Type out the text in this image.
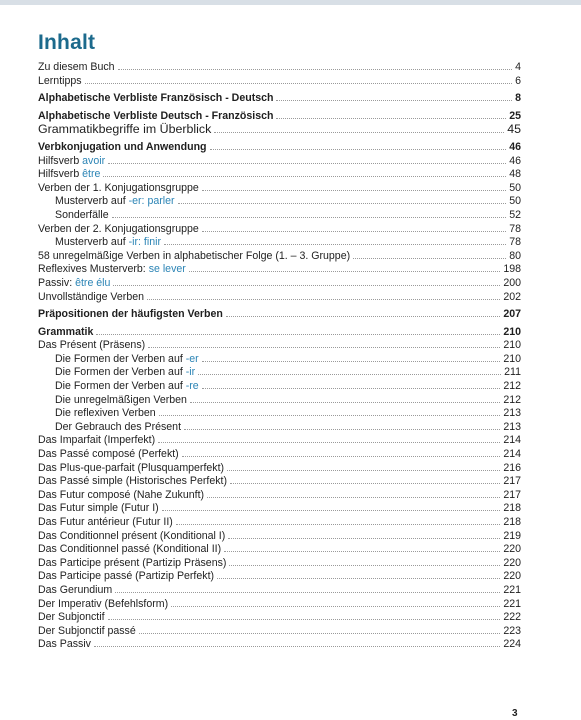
Inhalt
Zu diesem Buch	4
Lerntipps	6
Alphabetische Verbliste Französisch - Deutsch	8
Alphabetische Verbliste Deutsch - Französisch	25
Grammatikbegriffe im Überblick	45
Verbkonjugation und Anwendung	46
Hilfsverb avoir	46
Hilfsverb être	48
Verben der 1. Konjugationsgruppe	50
Musterverb auf -er: parler	50
Sonderfälle	52
Verben der 2. Konjugationsgruppe	78
Musterverb auf -ir: finir	78
58 unregelmäßige Verben in alphabetischer Folge (1. – 3. Gruppe)	80
Reflexives Musterverb: se lever	198
Passiv: être élu	200
Unvollständige Verben	202
Präpositionen der häufigsten Verben	207
Grammatik	210
Das Présent (Präsens)	210
Die Formen der Verben auf -er	210
Die Formen der Verben auf -ir	211
Die Formen der Verben auf -re	212
Die unregelmäßigen Verben	212
Die reflexiven Verben	213
Der Gebrauch des Présent	213
Das Imparfait (Imperfekt)	214
Das Passé composé (Perfekt)	214
Das Plus-que-parfait (Plusquamperfekt)	216
Das Passé simple (Historisches Perfekt)	217
Das Futur composé (Nahe Zukunft)	217
Das Futur simple (Futur I)	218
Das Futur antérieur (Futur II)	218
Das Conditionnel présent (Konditional I)	219
Das Conditionnel passé (Konditional II)	220
Das Participe présent (Partizip Präsens)	220
Das Participe passé (Partizip Perfekt)	220
Das Gerundium	221
Der Imperativ (Befehlsform)	221
Der Subjonctif	222
Der Subjonctif passé	223
Das Passiv	224
3
